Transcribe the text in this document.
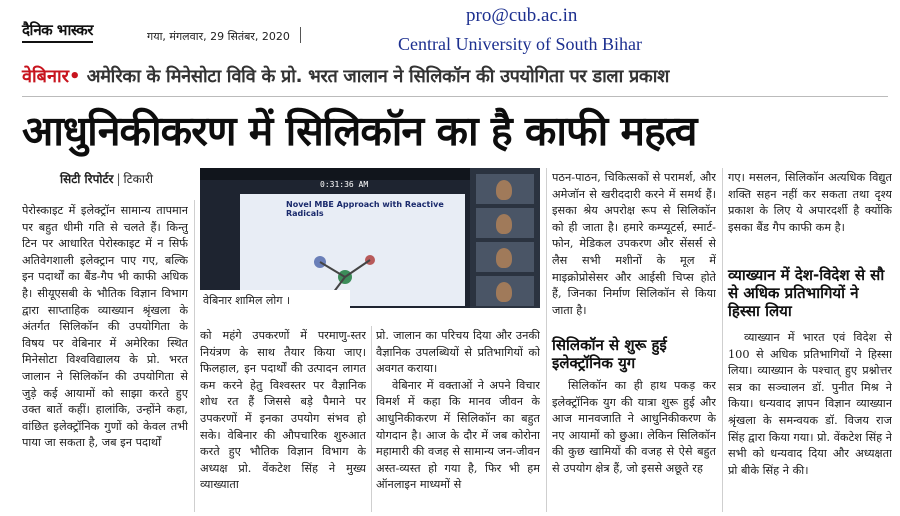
दैनिक भास्कर	गया, मंगलवार, 29 सितंबर, 2020
pro@cub.ac.in
Central University of South Bihar
वेबिनार• अमेरिका के मिनेसोटा विवि के प्रो. भरत जालान ने सिलिकॉन की उपयोगिता पर डाला प्रकाश
आधुनिकीकरण में सिलिकॉन का है काफी महत्व
सिटी रिपोर्टर | टिकारी

पेरोस्काइट में इलेक्ट्रॉन सामान्य तापमान पर बहुत धीमी गति से चलते हैं। किन्तु टिन पर आधारित पेरोस्काइट में न सिर्फ अतिवेगशाली इलेक्ट्रान पाए गए, बल्कि इन पदार्थों का बैंड-गैप भी काफी अधिक है। सीयूएसबी के भौतिक विज्ञान विभाग द्वारा साप्ताहिक व्याख्यान श्रृंखला के अंतर्गत सिलिकॉन की उपयोगिता के विषय पर वेबिनार में अमेरिका स्थित मिनेसोटा विश्वविद्यालय के प्रो. भरत जालान ने सिलिकॉन की उपयोगिता से जुड़े कई आयामों को साझा करते हुए उक्त बातें कहीं। हालांकि, उन्होंने कहा, वांछित इलेक्ट्रॉनिक गुणों को केवल तभी पाया जा सकता है, जब इन पदार्थों

0:31:36 AM
Novel MBE Approach with Reactive Radicals
वेबिनार शामिल लोग ।

को महंगे उपकरणों में परमाणु-स्तर नियंत्रण के साथ तैयार किया जाए। फिलहाल, इन पदार्थों की उत्पादन लागत कम करने हेतु विश्वस्तर पर वैज्ञानिक शोध रत हैं जिससे बड़े पैमाने पर उपकरणों में इनका उपयोग संभव हो सके। वेबिनार की औपचारिक शुरुआत करते हुए भौतिक विज्ञान विभाग के अध्यक्ष प्रो. वेंकटेश सिंह ने मुख्य व्याख्याता

प्रो. जालान का परिचय दिया और उनकी वैज्ञानिक उपलब्धियों से प्रतिभागियों को अवगत कराया।

वेबिनार में वक्ताओं ने अपने विचार विमर्श में कहा कि मानव जीवन के आधुनिकीकरण में सिलिकॉन का बहुत योगदान है। आज के दौर में जब कोरोना महामारी की वजह से सामान्य जन-जीवन अस्त-व्यस्त हो गया है, फिर भी हम ऑनलाइन माध्यमों से

पठन-पाठन, चिकित्सकों से परामर्श, और अमेजॉन से खरीददारी करने में समर्थ हैं। इसका श्रेय अपरोक्ष रूप से सिलिकॉन को ही जाता है। हमारे कम्प्यूटर्स, स्मार्ट-फोन, मेडिकल उपकरण और सेंसर्स से लैस सभी मशीनों के मूल में माइक्रोप्रोसेसर और आईसी चिप्स होते हैं, जिनका निर्माण सिलिकॉन से किया जाता है।

सिलिकॉन से शुरू हुई इलेक्ट्रॉनिक युग

सिलिकॉन का ही हाथ पकड़ कर इलेक्ट्रॉनिक युग की यात्रा शुरू हुई और आज मानवजाति ने आधुनिकीकरण के नए आयामों को छुआ। लेकिन सिलिकॉन की कुछ खामियों की वजह से ऐसे बहुत से उपयोग क्षेत्र हैं, जो इससे अछूते रह

गए। मसलन, सिलिकॉन अत्यधिक विद्युत शक्ति सहन नहीं कर सकता तथा दृश्य प्रकाश के लिए ये अपारदर्शी है क्योंकि इसका बैंड गैप काफी कम है।

व्याख्यान में देश-विदेश से सौ से अधिक प्रतिभागियों ने हिस्सा लिया

व्याख्यान में भारत एवं विदेश से 100 से अधिक प्रतिभागियों ने हिस्सा लिया। व्याख्यान के पश्चात् हुए प्रश्नोत्तर सत्र का सञ्चालन डॉ. पुनीत मिश्र ने किया। धन्यवाद ज्ञापन विज्ञान व्याख्यान श्रृंखला के समन्वयक डॉ. विजय राज सिंह द्वारा किया गया। प्रो. वेंकटेश सिंह ने सभी को धन्यवाद दिया और अध्यक्षता प्रो बीके सिंह ने की।
